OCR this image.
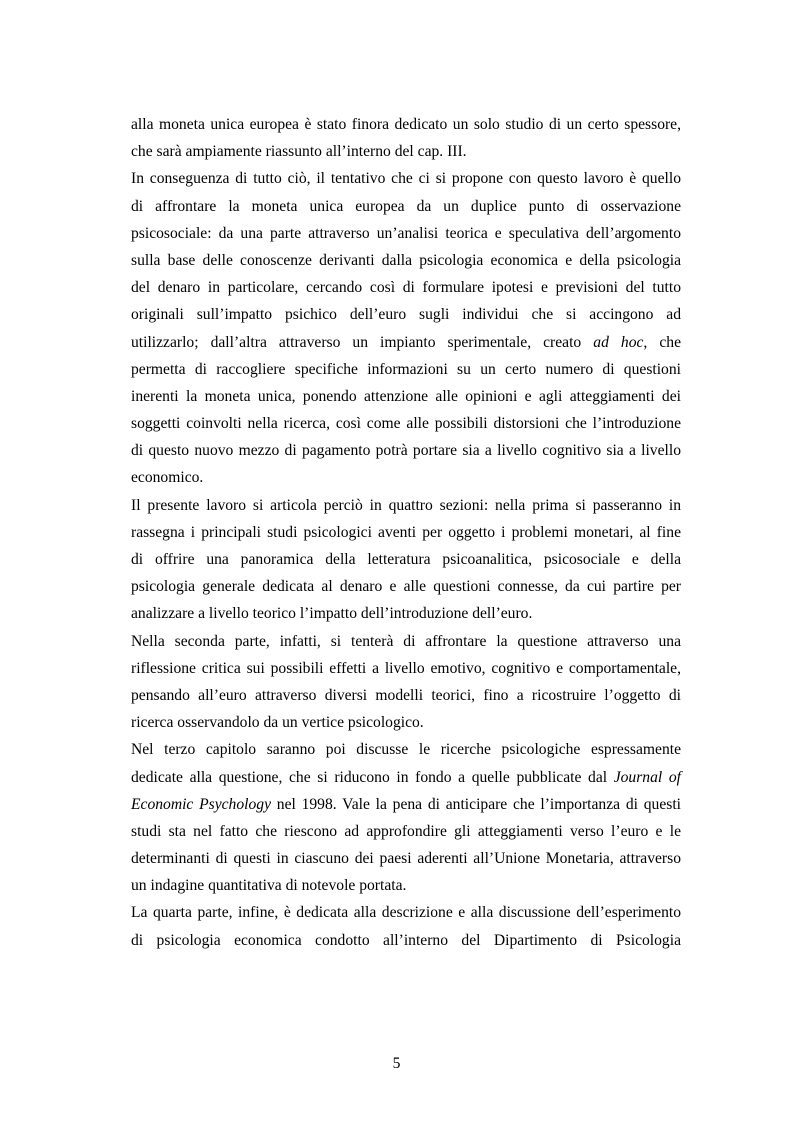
alla moneta unica europea è stato finora dedicato un solo studio di un certo spessore,
che sarà ampiamente riassunto all’interno del cap. III.
In conseguenza di tutto ciò, il tentativo che ci si propone con questo lavoro è quello
di affrontare la moneta unica europea da un duplice punto di osservazione
psicosociale: da una parte attraverso un’analisi teorica e speculativa dell’argomento
sulla base delle conoscenze derivanti dalla psicologia economica e della psicologia
del denaro in particolare, cercando così di formulare ipotesi e previsioni del tutto
originali sull’impatto psichico dell’euro sugli individui che si accingono ad
utilizzarlo; dall’altra attraverso un impianto sperimentale, creato ad hoc, che
permetta di raccogliere specifiche informazioni su un certo numero di questioni
inerenti la moneta unica, ponendo attenzione alle opinioni e agli atteggiamenti dei
soggetti coinvolti nella ricerca, così come alle possibili distorsioni che l’introduzione
di questo nuovo mezzo di pagamento potrà portare sia a livello cognitivo sia a livello
economico.
Il presente lavoro si articola perciò in quattro sezioni: nella prima si passeranno in
rassegna i principali studi psicologici aventi per oggetto i problemi monetari, al fine
di offrire una panoramica della letteratura psicoanalitica, psicosociale e della
psicologia generale dedicata al denaro e alle questioni connesse, da cui partire per
analizzare a livello teorico l’impatto dell’introduzione dell’euro.
Nella seconda parte, infatti, si tenterà di affrontare la questione attraverso una
riflessione critica sui possibili effetti a livello emotivo, cognitivo e comportamentale,
pensando all’euro attraverso diversi modelli teorici, fino a ricostruire l’oggetto di
ricerca osservandolo da un vertice psicologico.
Nel terzo capitolo saranno poi discusse le ricerche psicologiche espressamente
dedicate alla questione, che si riducono in fondo a quelle pubblicate dal Journal of
Economic Psychology nel 1998. Vale la pena di anticipare che l’importanza di questi
studi sta nel fatto che riescono ad approfondire gli atteggiamenti verso l’euro e le
determinanti di questi in ciascuno dei paesi aderenti all’Unione Monetaria, attraverso
un indagine quantitativa di notevole portata.
La quarta parte, infine, è dedicata alla descrizione e alla discussione dell’esperimento
di psicologia economica condotto all’interno del Dipartimento di Psicologia
5
